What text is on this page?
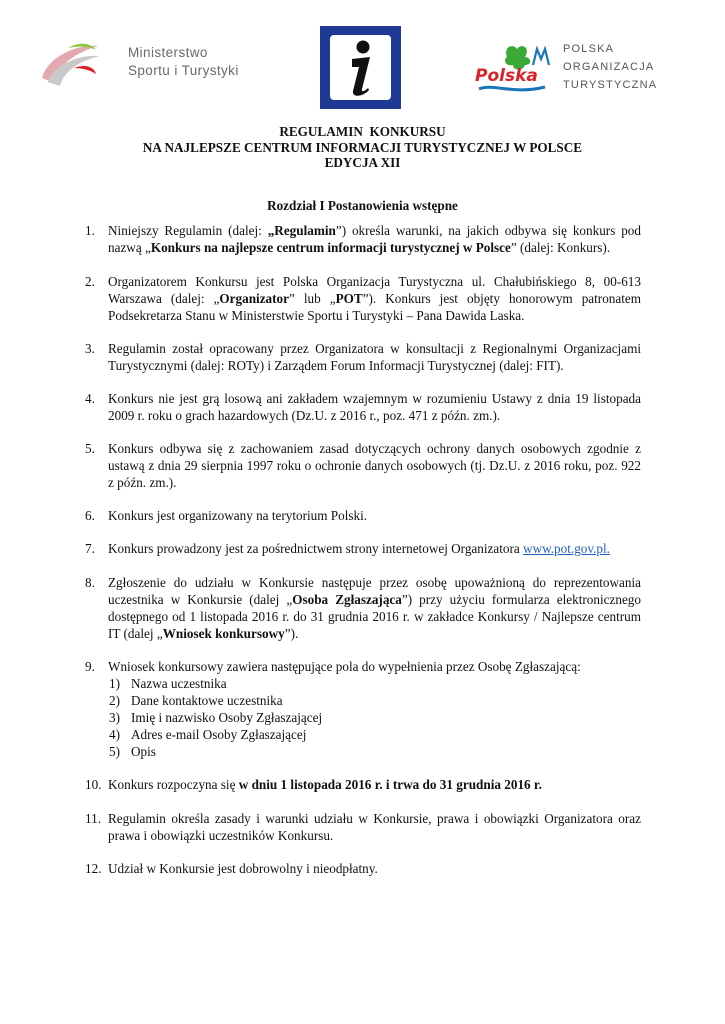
Ministerstwo
Sportu i Turystyki	Polska
POLSKA
ORGANIZACJA
TURYSTYCZNA
REGULAMIN  KONKURSU
NA NAJLEPSZE CENTRUM INFORMACJI TURYSTYCZNEJ W POLSCE
EDYCJA XII
Rozdział I Postanowienia wstępne
1. Niniejszy Regulamin (dalej: „Regulamin”) określa warunki, na jakich odbywa się konkurs pod nazwą „Konkurs na najlepsze centrum informacji turystycznej w Polsce” (dalej: Konkurs).
2. Organizatorem Konkursu jest Polska Organizacja Turystyczna ul. Chałubińskiego 8, 00-613 Warszawa (dalej: „Organizator” lub „POT”). Konkurs jest objęty honorowym patronatem Podsekretarza Stanu w Ministerstwie Sportu i Turystyki – Pana Dawida Laska.
3. Regulamin został opracowany przez Organizatora w konsultacji z Regionalnymi Organizacjami Turystycznymi (dalej: ROTy) i Zarządem Forum Informacji Turystycznej (dalej: FIT).
4. Konkurs nie jest grą losową ani zakładem wzajemnym w rozumieniu Ustawy z dnia 19 listopada 2009 r. roku o grach hazardowych (Dz.U. z 2016 r., poz. 471 z późn. zm.).
5. Konkurs odbywa się z zachowaniem zasad dotyczących ochrony danych osobowych zgodnie z ustawą z dnia 29 sierpnia 1997 roku o ochronie danych osobowych (tj. Dz.U. z 2016 roku, poz. 922 z późn. zm.).
6. Konkurs jest organizowany na terytorium Polski.
7. Konkurs prowadzony jest za pośrednictwem strony internetowej Organizatora www.pot.gov.pl.
8. Zgłoszenie do udziału w Konkursie następuje przez osobę upoważnioną do reprezentowania uczestnika w Konkursie (dalej „Osoba Zgłaszająca”) przy użyciu formularza elektronicznego dostępnego od 1 listopada 2016 r. do 31 grudnia 2016 r. w zakładce Konkursy / Najlepsze centrum IT (dalej „Wniosek konkursowy”).
9. Wniosek konkursowy zawiera następujące pola do wypełnienia przez Osobę Zgłaszającą:
1) Nazwa uczestnika
2) Dane kontaktowe uczestnika
3) Imię i nazwisko Osoby Zgłaszającej
4) Adres e-mail Osoby Zgłaszającej
5) Opis
10. Konkurs rozpoczyna się w dniu 1 listopada 2016 r. i trwa do 31 grudnia 2016 r.
11. Regulamin określa zasady i warunki udziału w Konkursie, prawa i obowiązki Organizatora oraz prawa i obowiązki uczestników Konkursu.
12. Udział w Konkursie jest dobrowolny i nieodpłatny.
